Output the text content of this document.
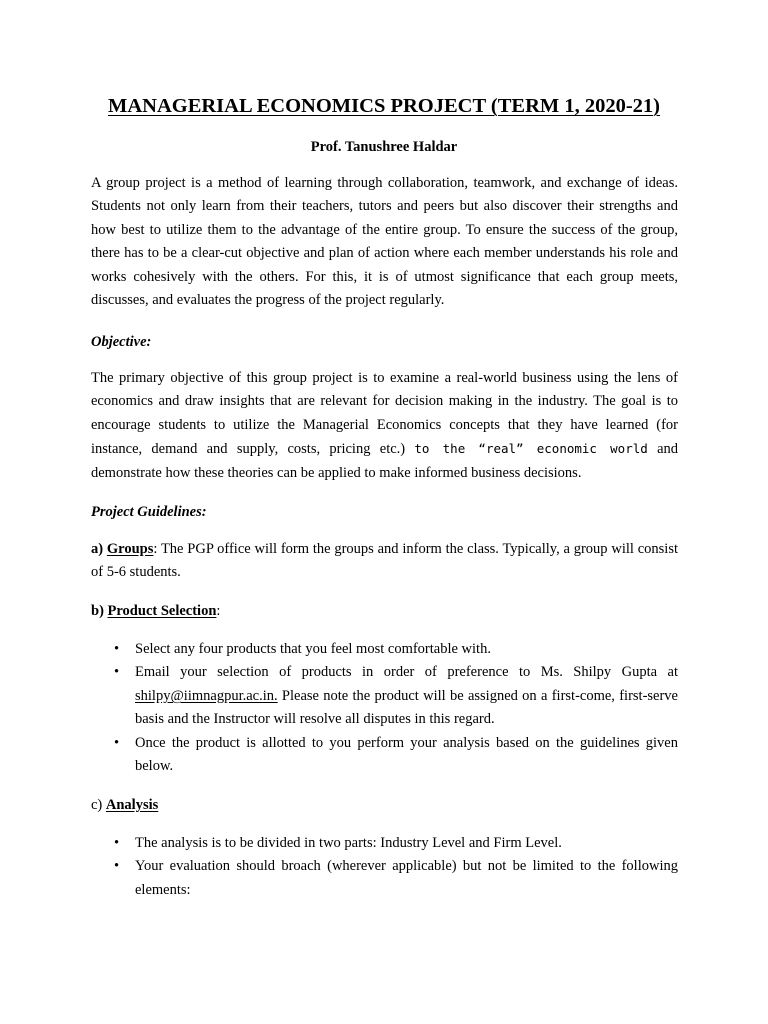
MANAGERIAL ECONOMICS PROJECT (TERM 1, 2020-21)
Prof. Tanushree Haldar
A group project is a method of learning through collaboration, teamwork, and exchange of ideas. Students not only learn from their teachers, tutors and peers but also discover their strengths and how best to utilize them to the advantage of the entire group. To ensure the success of the group, there has to be a clear-cut objective and plan of action where each member understands his role and works cohesively with the others. For this, it is of utmost significance that each group meets, discusses, and evaluates the progress of the project regularly.
Objective:
The primary objective of this group project is to examine a real-world business using the lens of economics and draw insights that are relevant for decision making in the industry. The goal is to encourage students to utilize the Managerial Economics concepts that they have learned (for instance, demand and supply, costs, pricing etc.) to the “real” economic world and demonstrate how these theories can be applied to make informed business decisions.
Project Guidelines:
a) Groups: The PGP office will form the groups and inform the class. Typically, a group will consist of 5-6 students.
b) Product Selection:
• Select any four products that you feel most comfortable with.
• Email your selection of products in order of preference to Ms. Shilpy Gupta at shilpy@iimnagpur.ac.in. Please note the product will be assigned on a first-come, first-serve basis and the Instructor will resolve all disputes in this regard.
• Once the product is allotted to you perform your analysis based on the guidelines given below.
c) Analysis
• The analysis is to be divided in two parts: Industry Level and Firm Level.
• Your evaluation should broach (wherever applicable) but not be limited to the following elements:
